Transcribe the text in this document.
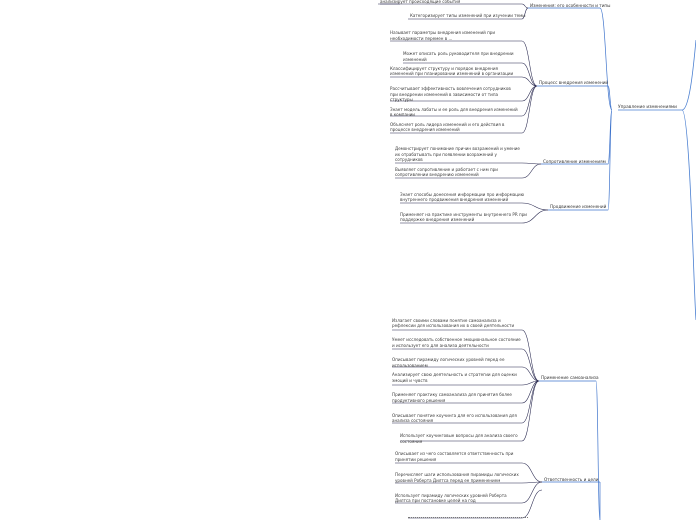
Управление изменениями
Изменения: его особенности и типы
анализирует происходящие события
Категоризирует типы изменений при изучении темы
Процесс внедрения изменений
Называет параметры внедрения изменений при необходимости перемен в ...
Может описать роль руководителя при внедрении изменений
Классифицирует структуру и порядок внедрения изменений при планировании изменений в организации
Рассчитывает эффективность вовлечения сотрудников при внедрении изменений в зависимости от типа структуры
Знает модель лабаты и ее роль для внедрения изменений в компании
Объясняет роль лидера изменений и его действия в процессе внедрения изменений
Сопротивление изменениям
Демонстрирует понимание причин возражений и умение их отрабатывать при появлении возражений у сотрудников
Выявляет сопротивление и работает с ним при сопротивлении внедрению изменений
Продвижение изменений
Знает способы донесения информации про информацию внутреннего продвижения внедрения изменений
Применяет на практике инструменты внутреннего PR при поддержке внедрения изменений
Применение самоанализа
Излагает своими словами понятие самоанализа и рефлексии для использования их в своей деятельности
Умеет исследовать собственное эмоциональное состояние и использует его для анализа деятельности
Описывает пирамиду логических уровней перед ее использованием
Анализирует свою деятельность и стратегии для оценки эмоций и чувств
Применяет практику самоанализа для принятия более продуктивного решения
Описывает понятие коучинга для его использования для анализа состояния
Использует коучинговые вопросы для анализа своего состояния
Ответственность и цели
Описывает из чего составляется ответственность при принятии решения
Перечисляет шаги использования пирамиды логических уровней Роберта Дилтса перед ее применением
Использует пирамиду логических уровней Роберта Дилтса при постановке целей на год
